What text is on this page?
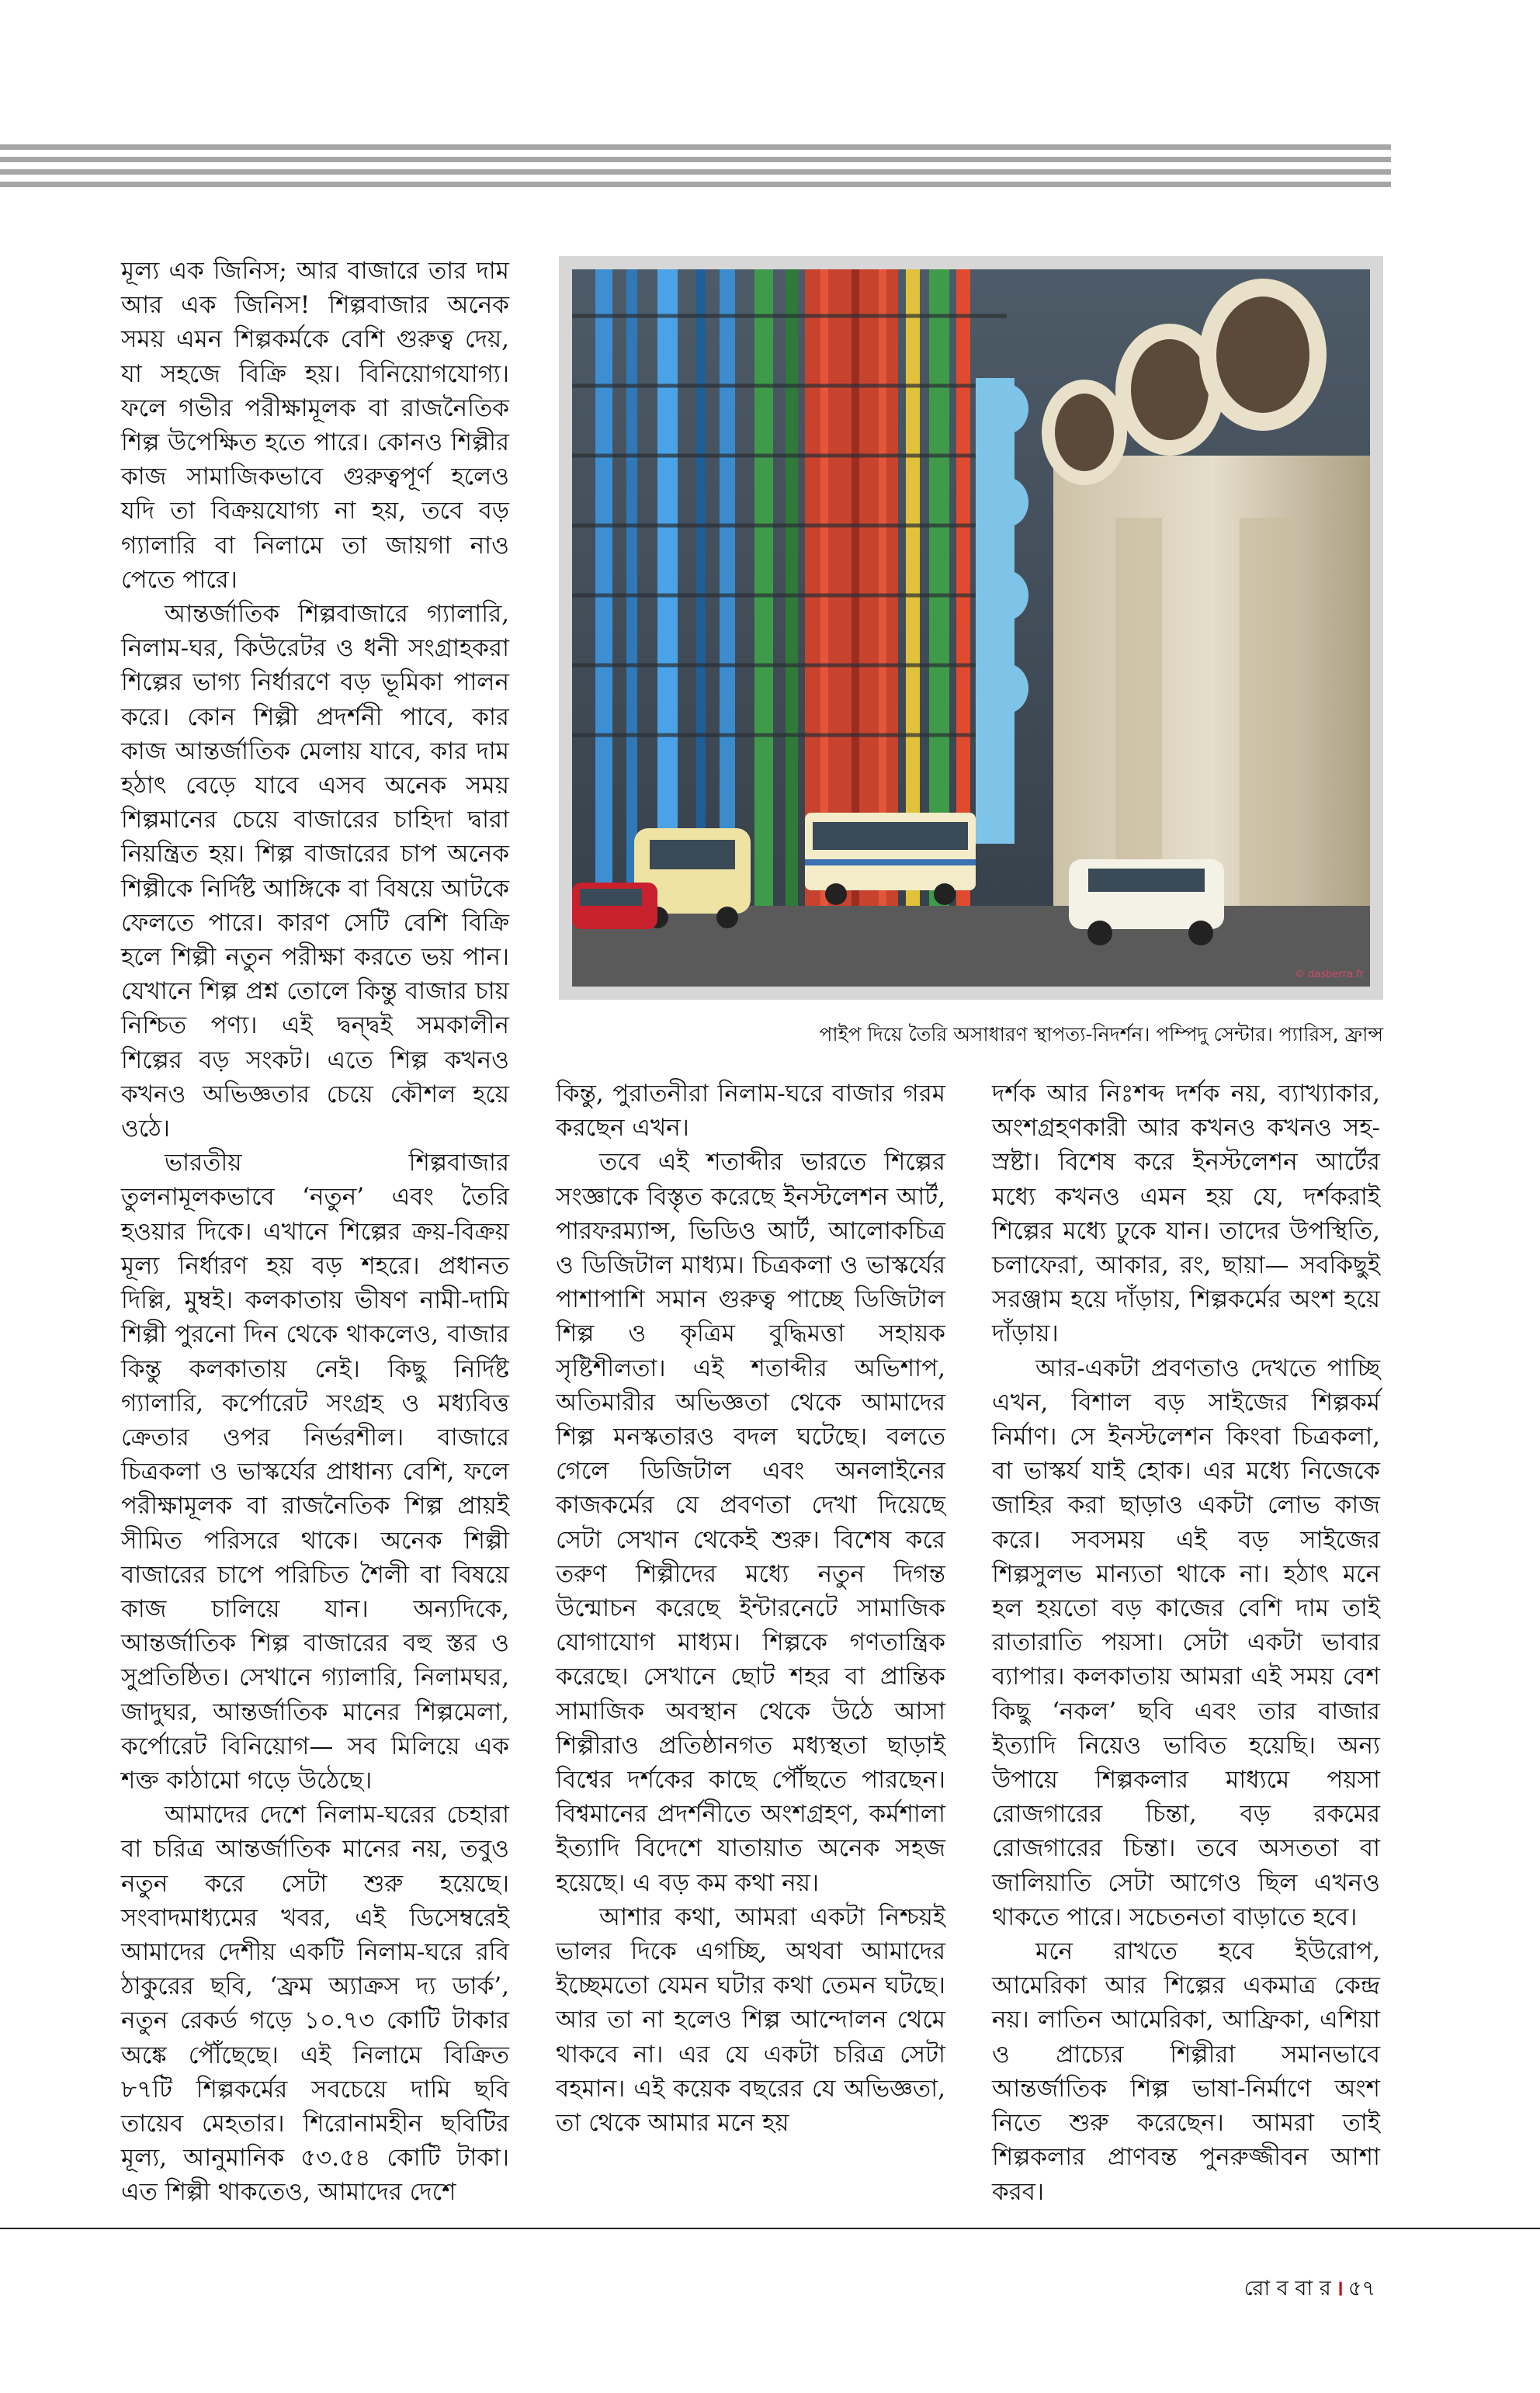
মূল্য এক জিনিস; আর বাজারে তার দাম আর এক জিনিস! শিল্পবাজার অনেক সময় এমন শিল্পকর্মকে বেশি গুরুত্ব দেয়, যা সহজে বিক্রি হয়। বিনিয়োগযোগ্য। ফলে গভীর পরীক্ষামূলক বা রাজনৈতিক শিল্প উপেক্ষিত হতে পারে। কোনও শিল্পীর কাজ সামাজিকভাবে গুরুত্বপূর্ণ হলেও যদি তা বিক্রয়যোগ্য না হয়, তবে বড় গ্যালারি বা নিলামে তা জায়গা নাও পেতে পারে।

আন্তর্জাতিক শিল্পবাজারে গ্যালারি, নিলাম-ঘর, কিউরেটর ও ধনী সংগ্রাহকরা শিল্পের ভাগ্য নির্ধারণে বড় ভূমিকা পালন করে। কোন শিল্পী প্রদর্শনী পাবে, কার কাজ আন্তর্জাতিক মেলায় যাবে, কার দাম হঠাৎ বেড়ে যাবে এসব অনেক সময় শিল্পমানের চেয়ে বাজারের চাহিদা দ্বারা নিয়ন্ত্রিত হয়। শিল্প বাজারের চাপ অনেক শিল্পীকে নির্দিষ্ট আঙ্গিকে বা বিষয়ে আটকে ফেলতে পারে। কারণ সেটি বেশি বিক্রি হলে শিল্পী নতুন পরীক্ষা করতে ভয় পান। যেখানে শিল্প প্রশ্ন তোলে কিন্তু বাজার চায় নিশ্চিত পণ্য। এই দ্বন্দ্বই সমকালীন শিল্পের বড় সংকট। এতে শিল্প কখনও কখনও অভিজ্ঞতার চেয়ে কৌশল হয়ে ওঠে।

ভারতীয় শিল্পবাজার তুলনামূলকভাবে ‘নতুন’ এবং তৈরি হওয়ার দিকে। এখানে শিল্পের ক্রয়-বিক্রয় মূল্য নির্ধারণ হয় বড় শহরে। প্রধানত দিল্লি, মুম্বই। কলকাতায় ভীষণ নামী-দামি শিল্পী পুরনো দিন থেকে থাকলেও, বাজার কিন্তু কলকাতায় নেই। কিছু নির্দিষ্ট গ্যালারি, কর্পোরেট সংগ্রহ ও মধ্যবিত্ত ক্রেতার ওপর নির্ভরশীল। বাজারে চিত্রকলা ও ভাস্কর্যের প্রাধান্য বেশি, ফলে পরীক্ষামূলক বা রাজনৈতিক শিল্প প্রায়ই সীমিত পরিসরে থাকে। অনেক শিল্পী বাজারের চাপে পরিচিত শৈলী বা বিষয়ে কাজ চালিয়ে যান। অন্যদিকে, আন্তর্জাতিক শিল্প বাজারের বহু স্তর ও সুপ্রতিষ্ঠিত। সেখানে গ্যালারি, নিলামঘর, জাদুঘর, আন্তর্জাতিক মানের শিল্পমেলা, কর্পোরেট বিনিয়োগ— সব মিলিয়ে এক শক্ত কাঠামো গড়ে উঠেছে।

আমাদের দেশে নিলাম-ঘরের চেহারা বা চরিত্র আন্তর্জাতিক মানের নয়, তবুও নতুন করে সেটা শুরু হয়েছে। সংবাদমাধ্যমের খবর, এই ডিসেম্বরেই আমাদের দেশীয় একটি নিলাম-ঘরে রবি ঠাকুরের ছবি, ‘ফ্রম অ্যাক্রস দ্য ডার্ক’, নতুন রেকর্ড গড়ে ১০.৭৩ কোটি টাকার অঙ্কে পৌঁছেছে। এই নিলামে বিক্রিত ৮৭টি শিল্পকর্মের সবচেয়ে দামি ছবি তায়েব মেহতার। শিরোনামহীন ছবিটির মূল্য, আনুমানিক ৫৩.৫৪ কোটি টাকা। এত শিল্পী থাকতেও, আমাদের দেশে

© dasberra.fr
পাইপ দিয়ে তৈরি অসাধারণ স্থাপত্য-নিদর্শন। পম্পিদু সেন্টার। প্যারিস, ফ্রান্স

কিন্তু, পুরাতনীরা নিলাম-ঘরে বাজার গরম করছেন এখন।

তবে এই শতাব্দীর ভারতে শিল্পের সংজ্ঞাকে বিস্তৃত করেছে ইনস্টলেশন আর্ট, পারফরম্যান্স, ভিডিও আর্ট, আলোকচিত্র ও ডিজিটাল মাধ্যম। চিত্রকলা ও ভাস্কর্যের পাশাপাশি সমান গুরুত্ব পাচ্ছে ডিজিটাল শিল্প ও কৃত্রিম বুদ্ধিমত্তা সহায়ক সৃষ্টিশীলতা। এই শতাব্দীর অভিশাপ, অতিমারীর অভিজ্ঞতা থেকে আমাদের শিল্প মনস্কতারও বদল ঘটেছে। বলতে গেলে ডিজিটাল এবং অনলাইনের কাজকর্মের যে প্রবণতা দেখা দিয়েছে সেটা সেখান থেকেই শুরু। বিশেষ করে তরুণ শিল্পীদের মধ্যে নতুন দিগন্ত উন্মোচন করেছে ইন্টারনেটে সামাজিক যোগাযোগ মাধ্যম। শিল্পকে গণতান্ত্রিক করেছে। সেখানে ছোট শহর বা প্রান্তিক সামাজিক অবস্থান থেকে উঠে আসা শিল্পীরাও প্রতিষ্ঠানগত মধ্যস্থতা ছাড়াই বিশ্বের দর্শকের কাছে পৌঁছতে পারছেন। বিশ্বমানের প্রদর্শনীতে অংশগ্রহণ, কর্মশালা ইত্যাদি বিদেশে যাতায়াত অনেক সহজ হয়েছে। এ বড় কম কথা নয়।

আশার কথা, আমরা একটা নিশ্চয়ই ভালর দিকে এগচ্ছি, অথবা আমাদের ইচ্ছেমতো যেমন ঘটার কথা তেমন ঘটছে। আর তা না হলেও শিল্প আন্দোলন থেমে থাকবে না। এর যে একটা চরিত্র সেটা বহমান। এই কয়েক বছরের যে অভিজ্ঞতা, তা থেকে আমার মনে হয়

দর্শক আর নিঃশব্দ দর্শক নয়, ব্যাখ্যাকার, অংশগ্রহণকারী আর কখনও কখনও সহ-স্রষ্টা। বিশেষ করে ইনস্টলেশন আর্টের মধ্যে কখনও এমন হয় যে, দর্শকরাই শিল্পের মধ্যে ঢুকে যান। তাদের উপস্থিতি, চলাফেরা, আকার, রং, ছায়া— সবকিছুই সরঞ্জাম হয়ে দাঁড়ায়, শিল্পকর্মের অংশ হয়ে দাঁড়ায়।

আর-একটা প্রবণতাও দেখতে পাচ্ছি এখন, বিশাল বড় সাইজের শিল্পকর্ম নির্মাণ। সে ইনস্টলেশন কিংবা চিত্রকলা, বা ভাস্কর্য যাই হোক। এর মধ্যে নিজেকে জাহির করা ছাড়াও একটা লোভ কাজ করে। সবসময় এই বড় সাইজের শিল্পসুলভ মান্যতা থাকে না। হঠাৎ মনে হল হয়তো বড় কাজের বেশি দাম তাই রাতারাতি পয়সা। সেটা একটা ভাবার ব্যাপার। কলকাতায় আমরা এই সময় বেশ কিছু ‘নকল’ ছবি এবং তার বাজার ইত্যাদি নিয়েও ভাবিত হয়েছি। অন্য উপায়ে শিল্পকলার মাধ্যমে পয়সা রোজগারের চিন্তা, বড় রকমের রোজগারের চিন্তা। তবে অসততা বা জালিয়াতি সেটা আগেও ছিল এখনও থাকতে পারে। সচেতনতা বাড়াতে হবে।

মনে রাখতে হবে ইউরোপ, আমেরিকা আর শিল্পের একমাত্র কেন্দ্র নয়। লাতিন আমেরিকা, আফ্রিকা, এশিয়া ও প্রাচ্যের শিল্পীরা সমানভাবে আন্তর্জাতিক শিল্প ভাষা-নির্মাণে অংশ নিতে শুরু করেছেন। আমরা তাই শিল্পকলার প্রাণবন্ত পুনরুজ্জীবন আশা করব।

রো ব বা র । ৫৭
